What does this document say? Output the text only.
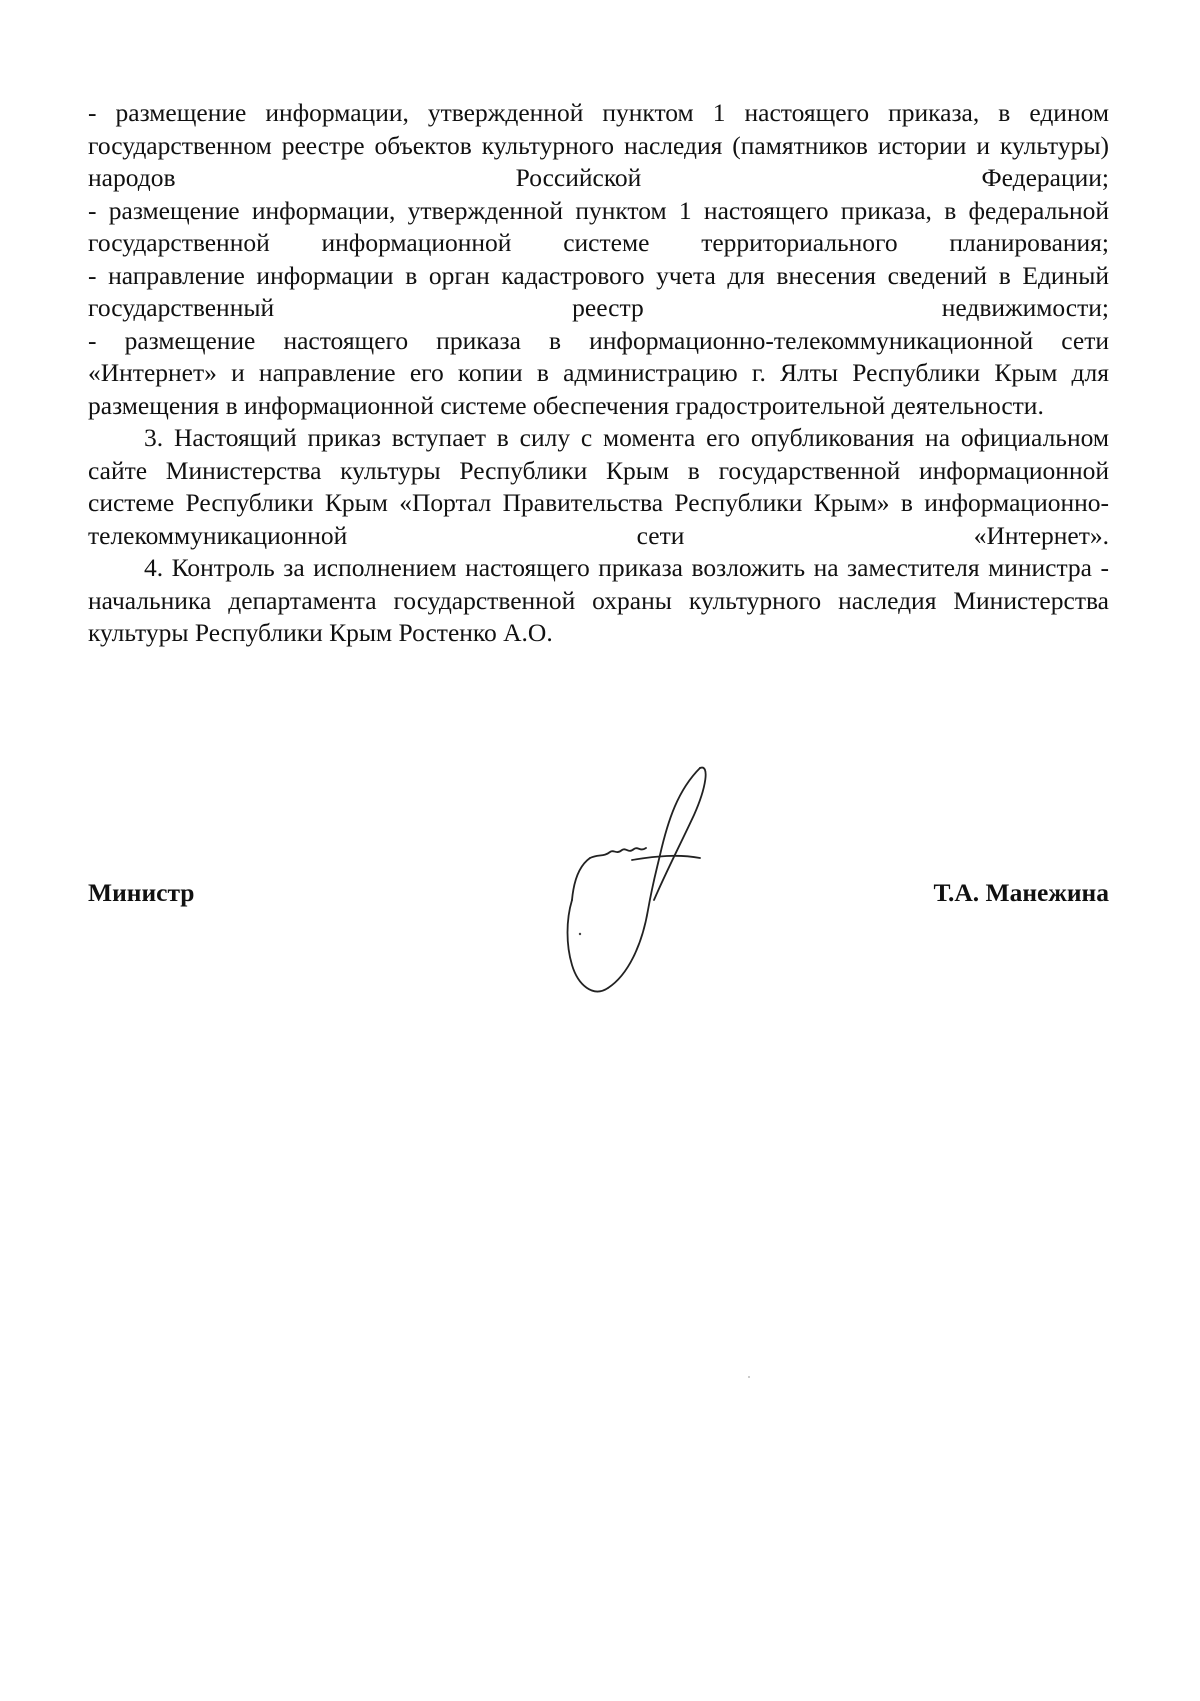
- размещение информации, утвержденной пунктом 1 настоящего приказа, в едином государственном реестре объектов культурного наследия (памятников истории и культуры) народов Российской Федерации;

- размещение информации, утвержденной пунктом 1 настоящего приказа, в федеральной государственной информационной системе территориального планирования;

- направление информации в орган кадастрового учета для внесения сведений в Единый государственный реестр недвижимости;

- размещение настоящего приказа в информационно-телекоммуникационной сети «Интернет» и направление его копии в администрацию г. Ялты Республики Крым для размещения в информационной системе обеспечения градостроительной деятельности.

3. Настоящий приказ вступает в силу с момента его опубликования на официальном сайте Министерства культуры Республики Крым в государственной информационной системе Республики Крым «Портал Правительства Республики Крым» в информационно-телекоммуникационной сети «Интернет».

4. Контроль за исполнением настоящего приказа возложить на заместителя министра - начальника департамента государственной охраны культурного наследия Министерства культуры Республики Крым Ростенко А.О.

Министр	Т.А. Манежина
